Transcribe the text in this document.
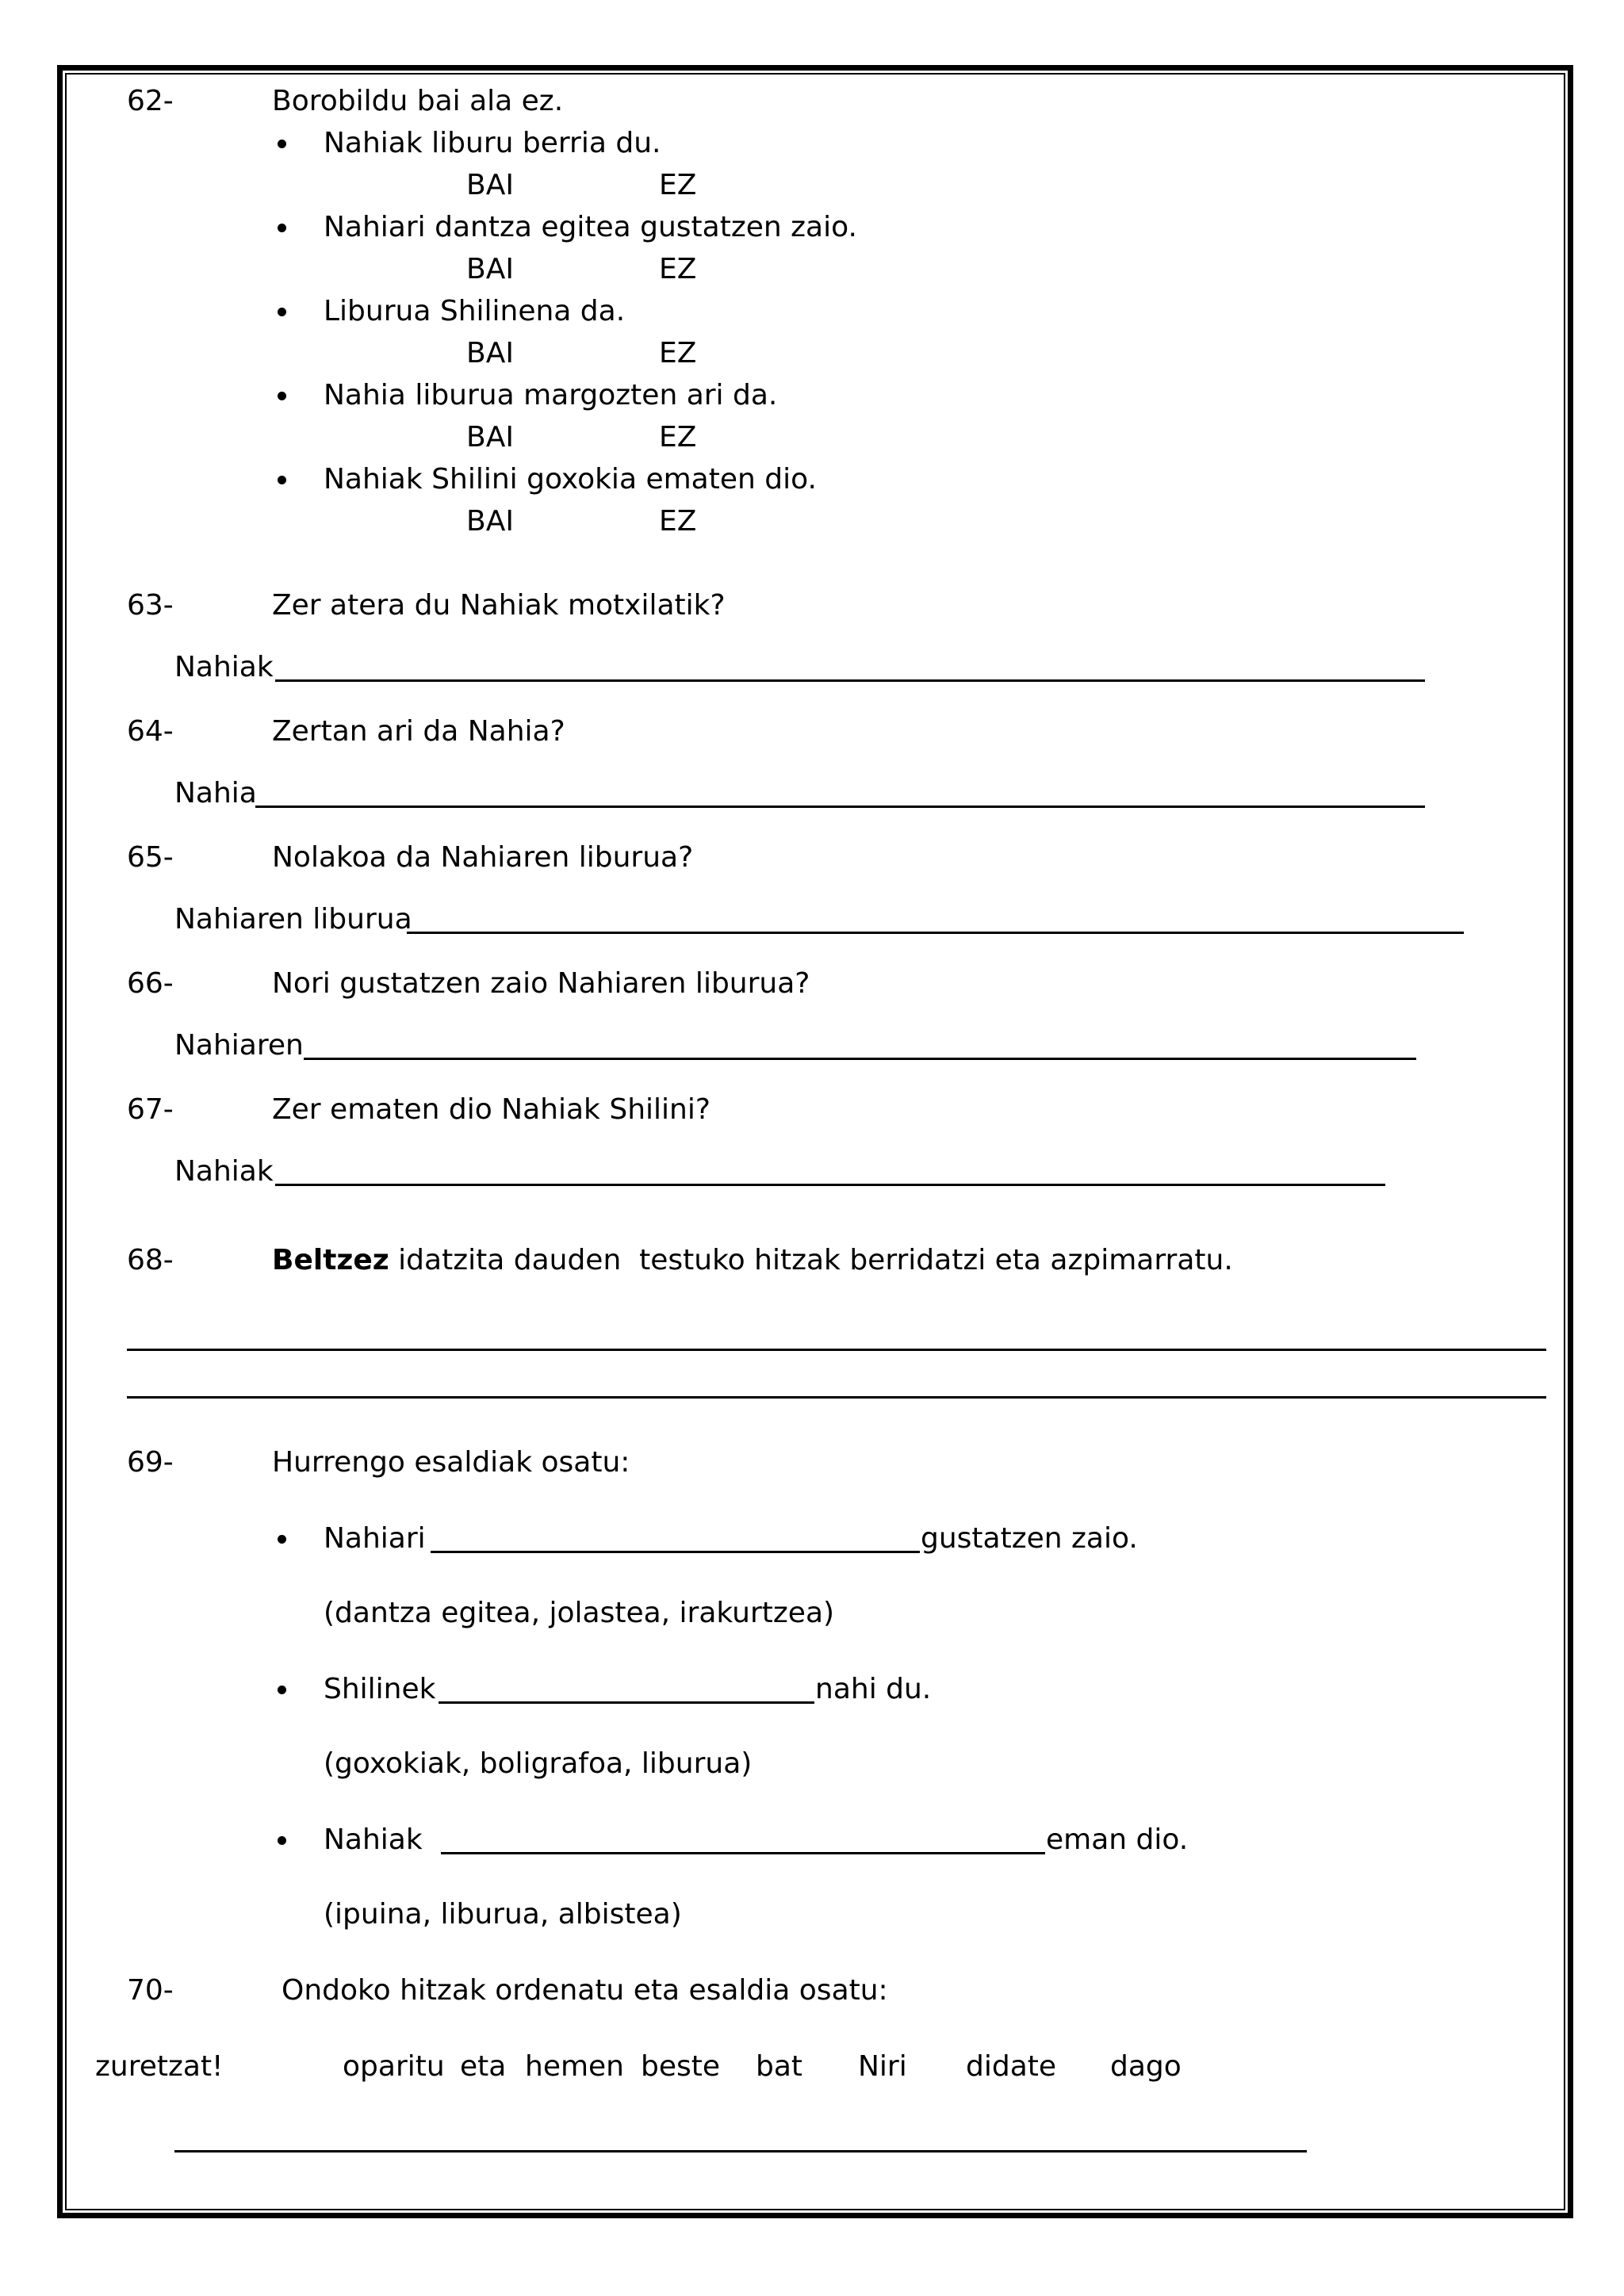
62-	Borobildu bai ala ez.
Nahiak liburu berria du.
BAI	EZ
Nahiari dantza egitea gustatzen zaio.
BAI	EZ
Liburua Shilinena da.
BAI	EZ
Nahia liburua margozten ari da.
BAI	EZ
Nahiak Shilini goxokia ematen dio.
BAI	EZ
63-	Zer atera du Nahiak motxilatik?
Nahiak
64-	Zertan ari da Nahia?
Nahia
65-	Nolakoa da Nahiaren liburua?
Nahiaren liburua
66-	Nori gustatzen zaio Nahiaren liburua?
Nahiaren
67-	Zer ematen dio Nahiak Shilini?
Nahiak
68-	Beltzez idatzita dauden  testuko hitzak berridatzi eta azpimarratu.
69-	Hurrengo esaldiak osatu:
Nahiari	gustatzen zaio.
(dantza egitea, jolastea, irakurtzea)
Shilinek	nahi du.
(goxokiak, boligrafoa, liburua)
Nahiak	eman dio.
(ipuina, liburua, albistea)
70-	Ondoko hitzak ordenatu eta esaldia osatu:
zuretzat!	oparitu eta hemen beste bat Niri didate dago
